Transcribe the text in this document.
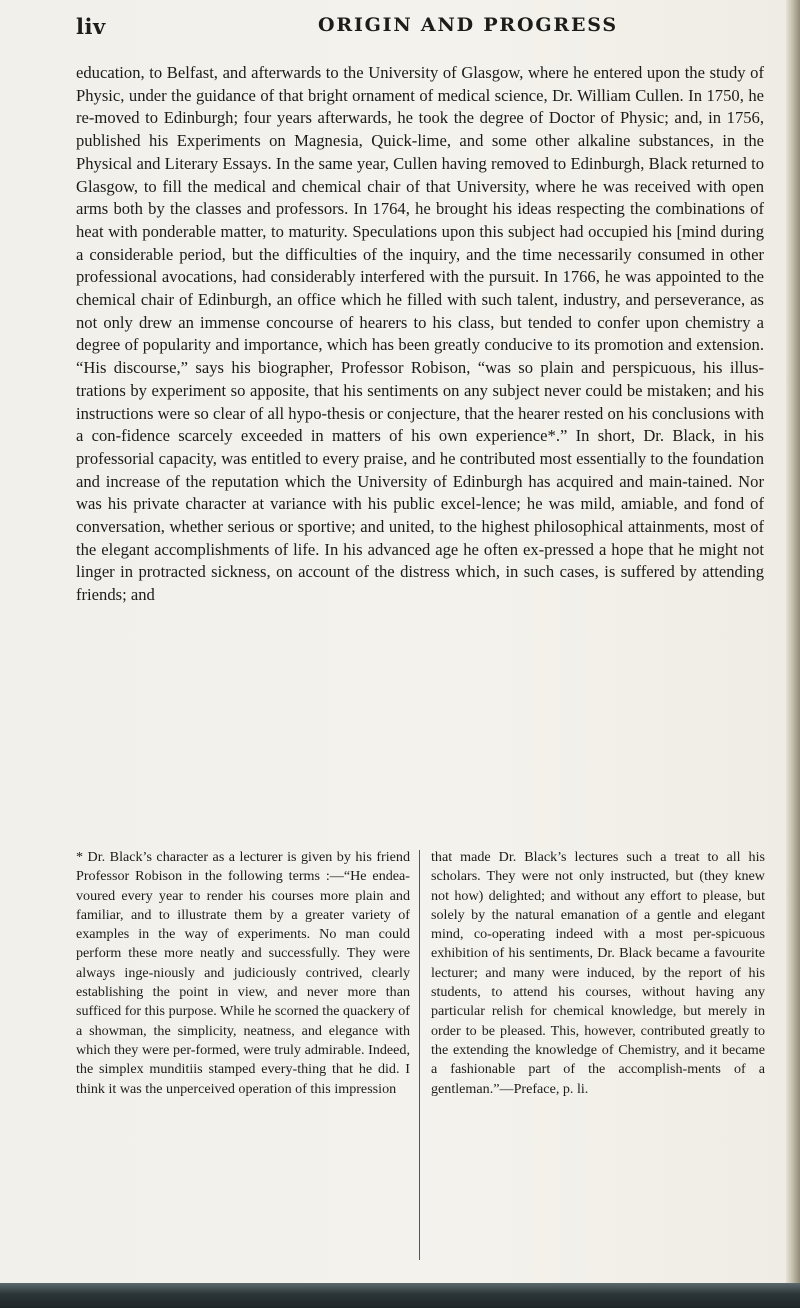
liv	ORIGIN AND PROGRESS

education, to Belfast, and afterwards to the University of Glasgow, where he entered upon the study of Physic, under the guidance of that bright ornament of medical science, Dr. William Cullen. In 1750, he re-moved to Edinburgh; four years afterwards, he took the degree of Doctor of Physic; and, in 1756, published his Experiments on Magnesia, Quick-lime, and some other alkaline substances, in the Physical and Literary Essays. In the same year, Cullen having removed to Edinburgh, Black returned to Glasgow, to fill the medical and chemical chair of that University, where he was received with open arms both by the classes and professors. In 1764, he brought his ideas respecting the combinations of heat with ponderable matter, to maturity. Speculations upon this subject had occupied his [mind during a considerable period, but the difficulties of the inquiry, and the time necessarily consumed in other professional avocations, had considerably interfered with the pursuit. In 1766, he was appointed to the chemical chair of Edinburgh, an office which he filled with such talent, industry, and perseverance, as not only drew an immense concourse of hearers to his class, but tended to confer upon chemistry a degree of popularity and importance, which has been greatly conducive to its promotion and extension. “His discourse,” says his biographer, Professor Robison, “was so plain and perspicuous, his illus-trations by experiment so apposite, that his sentiments on any subject never could be mistaken; and his instructions were so clear of all hypo-thesis or conjecture, that the hearer rested on his conclusions with a con-fidence scarcely exceeded in matters of his own experience*.” In short, Dr. Black, in his professorial capacity, was entitled to every praise, and he contributed most essentially to the foundation and increase of the reputation which the University of Edinburgh has acquired and main-tained. Nor was his private character at variance with his public excel-lence; he was mild, amiable, and fond of conversation, whether serious or sportive; and united, to the highest philosophical attainments, most of the elegant accomplishments of life. In his advanced age he often ex-pressed a hope that he might not linger in protracted sickness, on account of the distress which, in such cases, is suffered by attending friends; and

* Dr. Black’s character as a lecturer is given by his friend Professor Robison in the following terms :—“He endea-voured every year to render his courses more plain and familiar, and to illustrate them by a greater variety of examples in the way of experiments. No man could perform these more neatly and successfully. They were always inge-niously and judiciously contrived, clearly establishing the point in view, and never more than sufficed for this purpose. While he scorned the quackery of a showman, the simplicity, neatness, and elegance with which they were per-formed, were truly admirable. Indeed, the simplex munditiis stamped every-thing that he did. I think it was the unperceived operation of this impression

that made Dr. Black’s lectures such a treat to all his scholars. They were not only instructed, but (they knew not how) delighted; and without any effort to please, but solely by the natural emanation of a gentle and elegant mind, co-operating indeed with a most per-spicuous exhibition of his sentiments, Dr. Black became a favourite lecturer; and many were induced, by the report of his students, to attend his courses, without having any particular relish for chemical knowledge, but merely in order to be pleased. This, however, contributed greatly to the extending the knowledge of Chemistry, and it became a fashionable part of the accomplish-ments of a gentleman.”—Preface, p. li.
